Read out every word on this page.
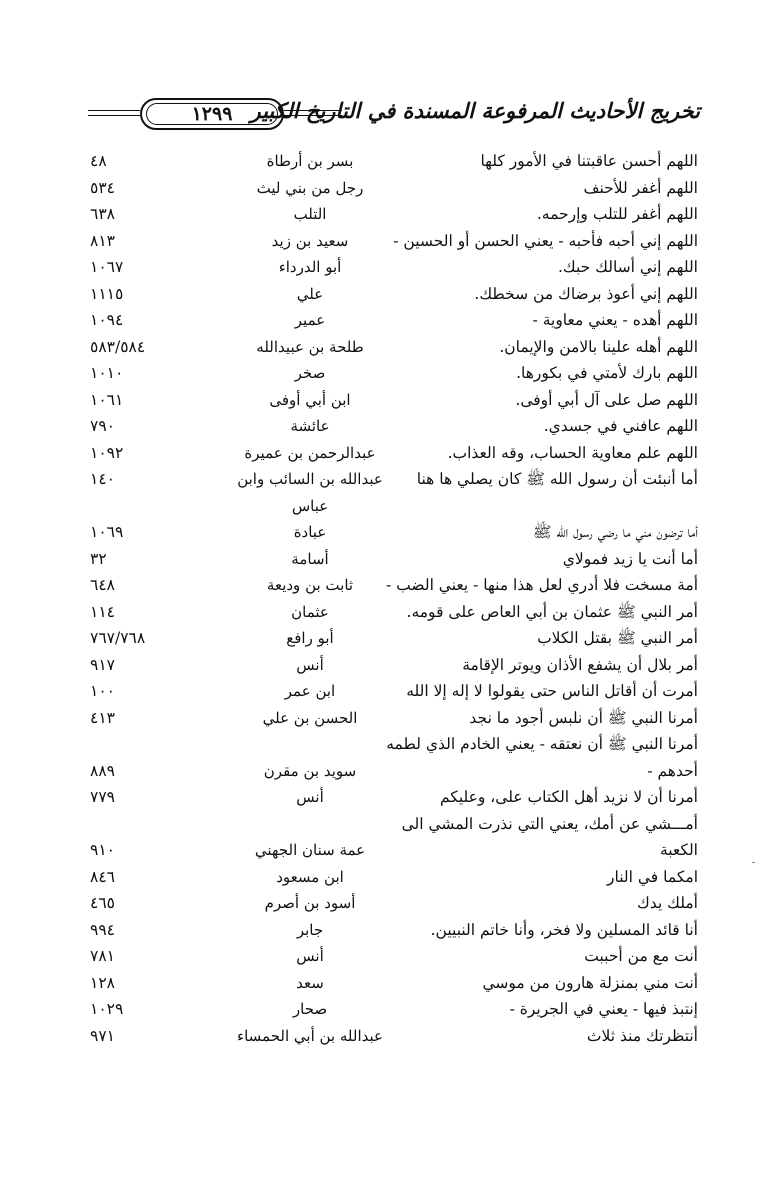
١٢٩٩ تخريج الأحاديث المرفوعة المسندة في التاريخ الكبير
اللهم أحسن عاقبتنا في الأمور كلها
بسر بن أرطاة
٤٨
اللهم أغفر للأحنف
رجل من بني ليث
٥٣٤
اللهم أغفر للتلب وإرحمه.
التلب
٦٣٨
اللهم إني أحبه فأحبه - يعني الحسن أو الحسين -
سعيد بن زيد
٨١٣
اللهم إني أسالك حبك.
أبو الدرداء
١٠٦٧
اللهم إني أعوذ برضاك من سخطك.
علي
١١١٥
اللهم أهده - يعني معاوية -
عمير
١٠٩٤
اللهم أهله علينا بالامن والإيمان.
طلحة بن عبيدالله
٥٨٣/٥٨٤
اللهم بارك لأمتي في بكورها.
صخر
١٠١٠
اللهم صل على آل أبي أوفى.
ابن أبي أوفى
١٠٦١
اللهم عافني في جسدي.
عائشة
٧٩٠
اللهم علم معاوية الحساب، وقه العذاب.
عبدالرحمن بن عميرة
١٠٩٢
أما أنبئت أن رسول الله ﷺ كان يصلي ها هنا
عبدالله بن السائب وابن
١٤٠
عباس
أما ترضون مني ما رضي رسول الله ﷺ
عبادة
١٠٦٩
أما أنت يا زيد فمولاي
أسامة
٣٢
أمة مسخت فلا أدري لعل هذا منها - يعني الضب -
ثابت بن وديعة
٦٤٨
أمر النبي ﷺ عثمان بن أبي العاص على قومه.
عثمان
١١٤
أمر النبي ﷺ بقتل الكلاب
أبو رافع
٧٦٧/٧٦٨
أمر بلال أن يشفع الأذان ويوتر الإقامة
أنس
٩١٧
أمرت أن أقاتل الناس حتى يقولوا لا إله إلا الله
ابن عمر
١٠٠
أمرنا النبي ﷺ أن نلبس أجود ما نجد
الحسن بن علي
٤١٣
أمرنا النبي ﷺ أن نعتقه - يعني الخادم الذي لطمه
أحدهم -
سويد بن مقرن
٨٨٩
أمرنا أن لا نزيد أهل الكتاب على، وعليكم
أنس
٧٧٩
أمـــشي عن أمك، يعني التي نذرت المشي الى
الكعبة
عمة سنان الجهني
٩١٠
امكما في النار
ابن مسعود
٨٤٦
أملك يدك
أسود بن أصرم
٤٦٥
أنا قائد المسلين ولا فخر، وأنا خاتم النبيين.
جابر
٩٩٤
أنت مع من أحببت
أنس
٧٨١
أنت مني بمنزلة هارون من موسي
سعد
١٢٨
إنتبذ فيها - يعني في الجريرة -
صحار
١٠٢٩
أنتظرتك منذ ثلاث
عبدالله بن أبي الحمساء
٩٧١
